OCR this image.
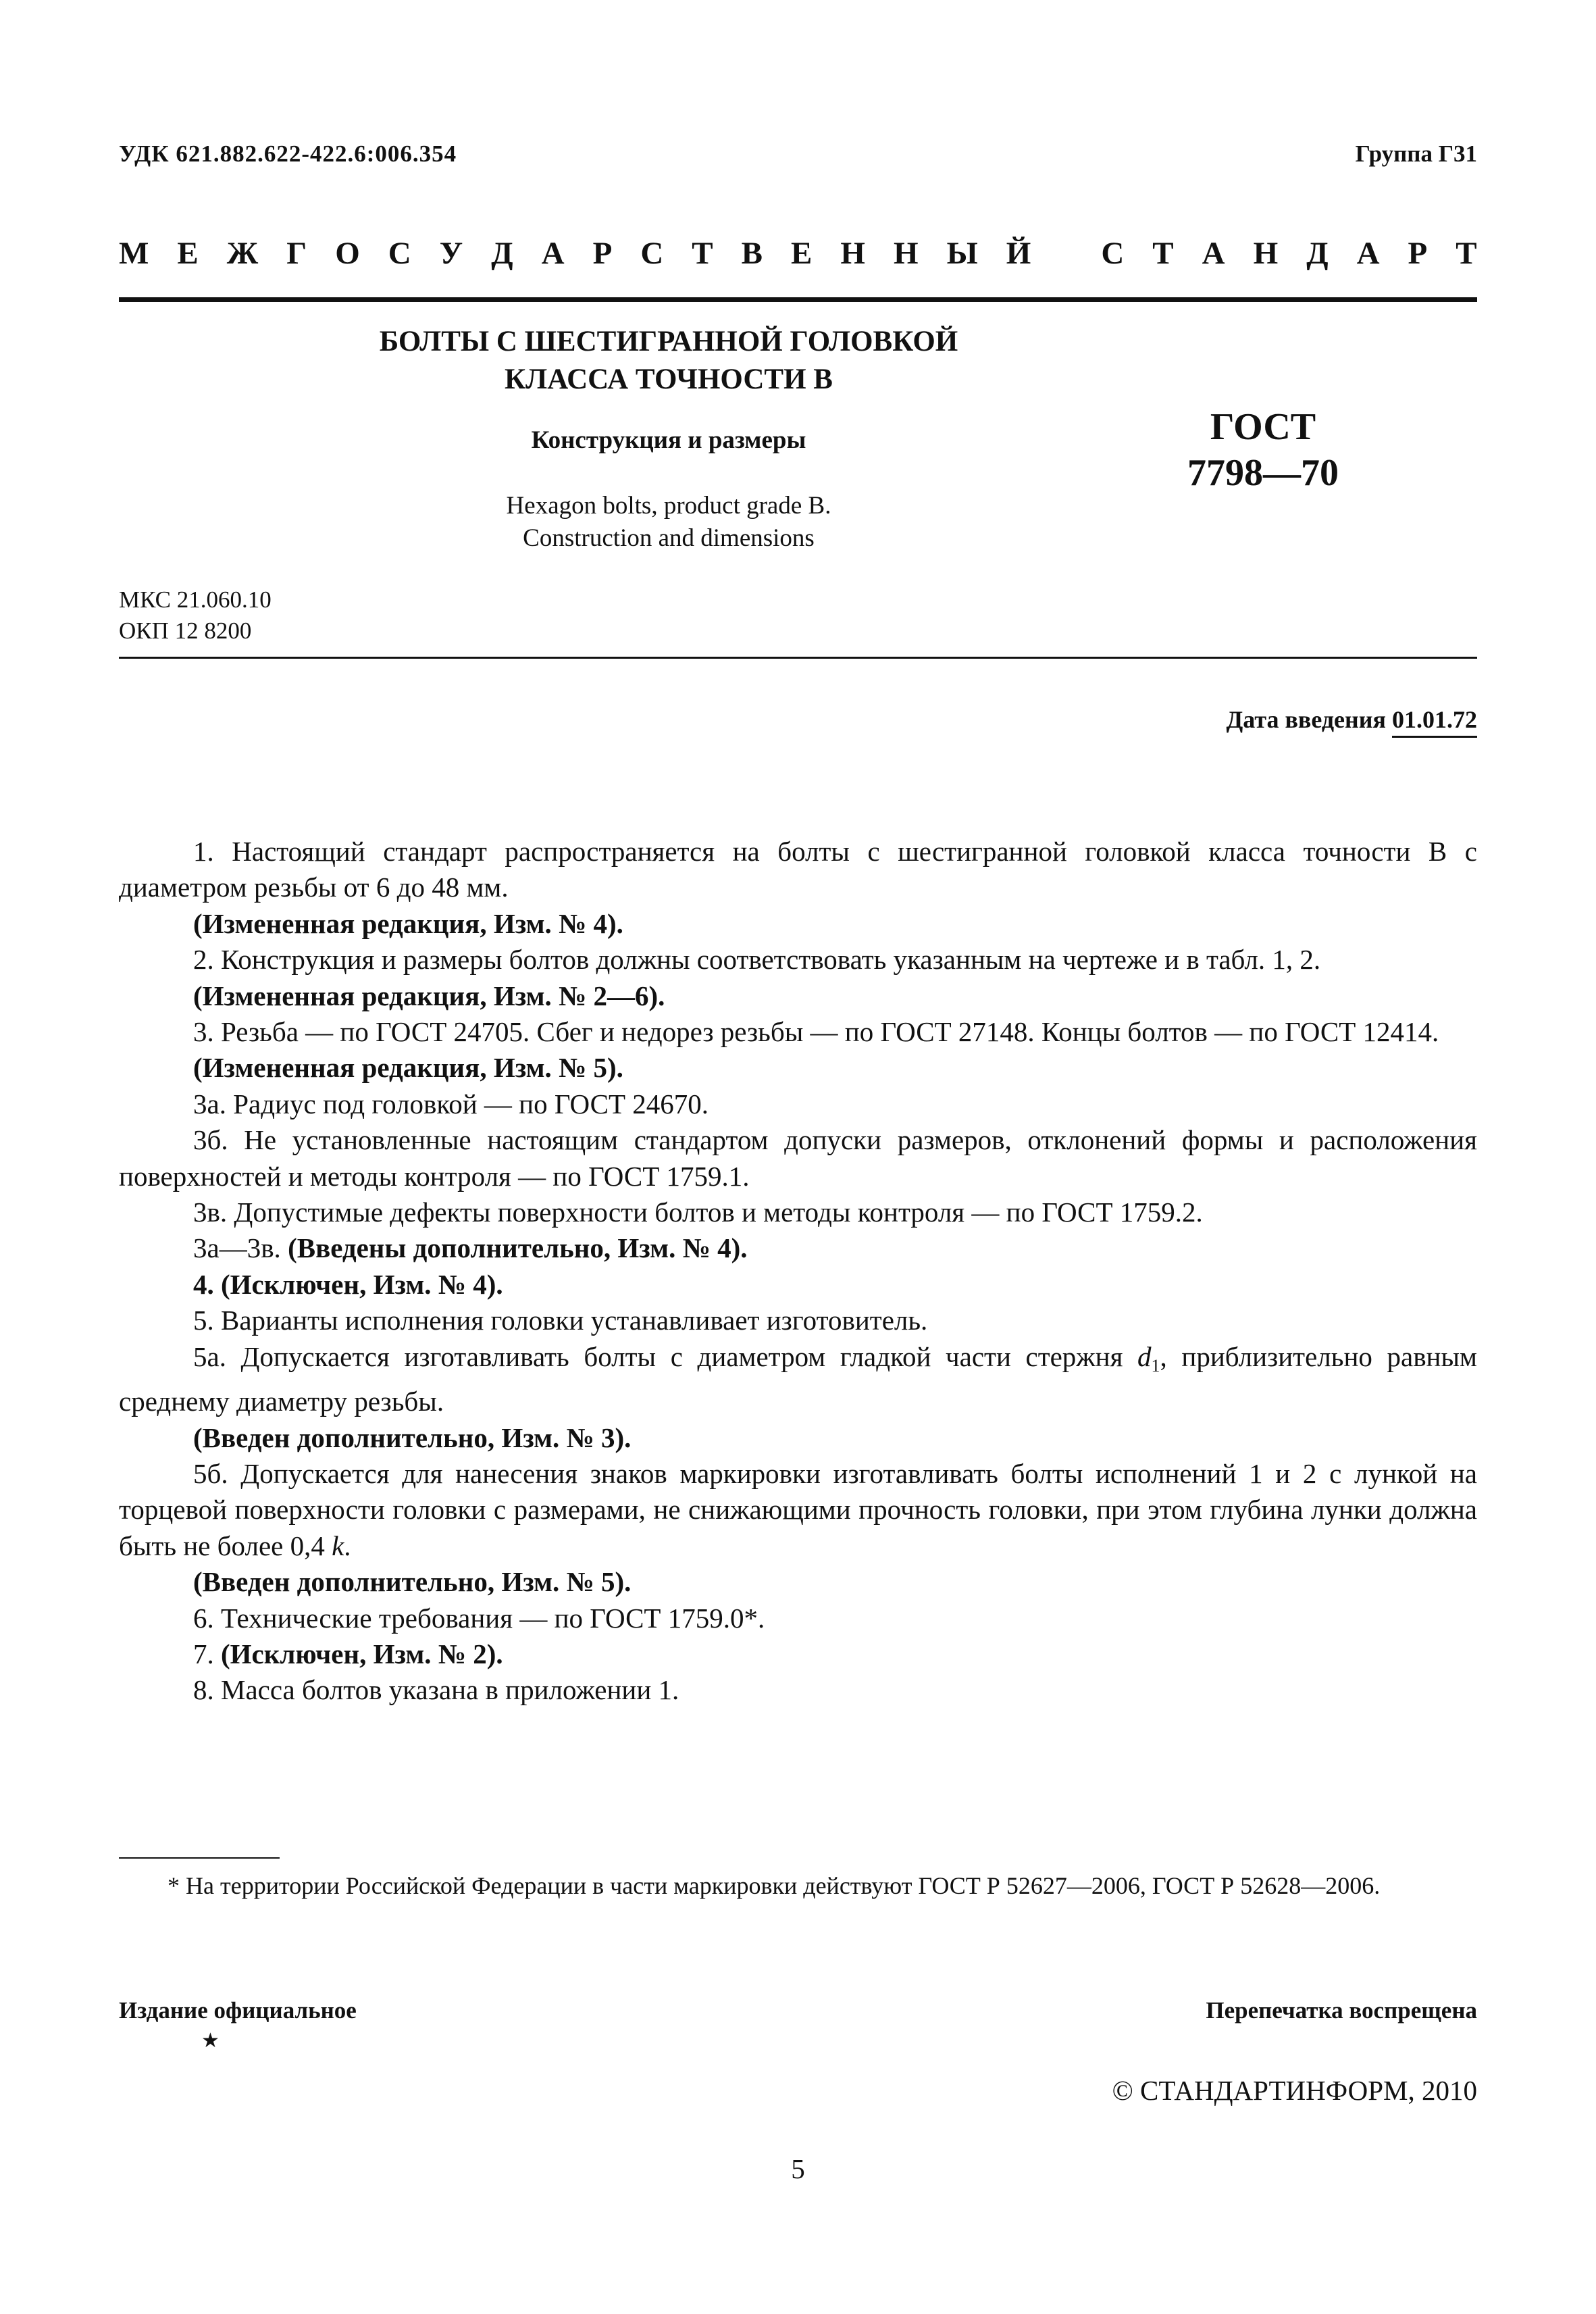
УДК 621.882.622-422.6:006.354	Группа Г31
М Е Ж Г О С У Д А Р С Т В Е Н Н Ы Й С Т А Н Д А Р Т
БОЛТЫ С ШЕСТИГРАННОЙ ГОЛОВКОЙ
КЛАССА ТОЧНОСТИ В
Конструкция и размеры
Hexagon bolts, product grade B.
Construction and dimensions
ГОСТ
7798—70
МКС 21.060.10
ОКП 12 8200
Дата введения 01.01.72

1. Настоящий стандарт распространяется на болты с шестигранной головкой класса точности В с диаметром резьбы от 6 до 48 мм.

(Измененная редакция, Изм. № 4).

2. Конструкция и размеры болтов должны соответствовать указанным на чертеже и в табл. 1, 2.

(Измененная редакция, Изм. № 2—6).

3. Резьба — по ГОСТ 24705. Сбег и недорез резьбы — по ГОСТ 27148. Концы болтов — по ГОСТ 12414.

(Измененная редакция, Изм. № 5).

3а. Радиус под головкой — по ГОСТ 24670.

3б. Не установленные настоящим стандартом допуски размеров, отклонений формы и расположения поверхностей и методы контроля — по ГОСТ 1759.1.

3в. Допустимые дефекты поверхности болтов и методы контроля — по ГОСТ 1759.2.

3а—3в. (Введены дополнительно, Изм. № 4).

4. (Исключен, Изм. № 4).

5. Варианты исполнения головки устанавливает изготовитель.

5а. Допускается изготавливать болты с диаметром гладкой части стержня $d_1$, приблизительно равным среднему диаметру резьбы.

(Введен дополнительно, Изм. № 3).

5б. Допускается для нанесения знаков маркировки изготавливать болты исполнений 1 и 2 с лункой на торцевой поверхности головки с размерами, не снижающими прочность головки, при этом глубина лунки должна быть не более 0,4 k.

(Введен дополнительно, Изм. № 5).

6. Технические требования — по ГОСТ 1759.0*.

7. (Исключен, Изм. № 2).

8. Масса болтов указана в приложении 1.

* На территории Российской Федерации в части маркировки действуют ГОСТ Р 52627—2006, ГОСТ Р 52628—2006.

Издание официальное
★
Перепечатка воспрещена
© СТАНДАРТИНФОРМ, 2010
5
